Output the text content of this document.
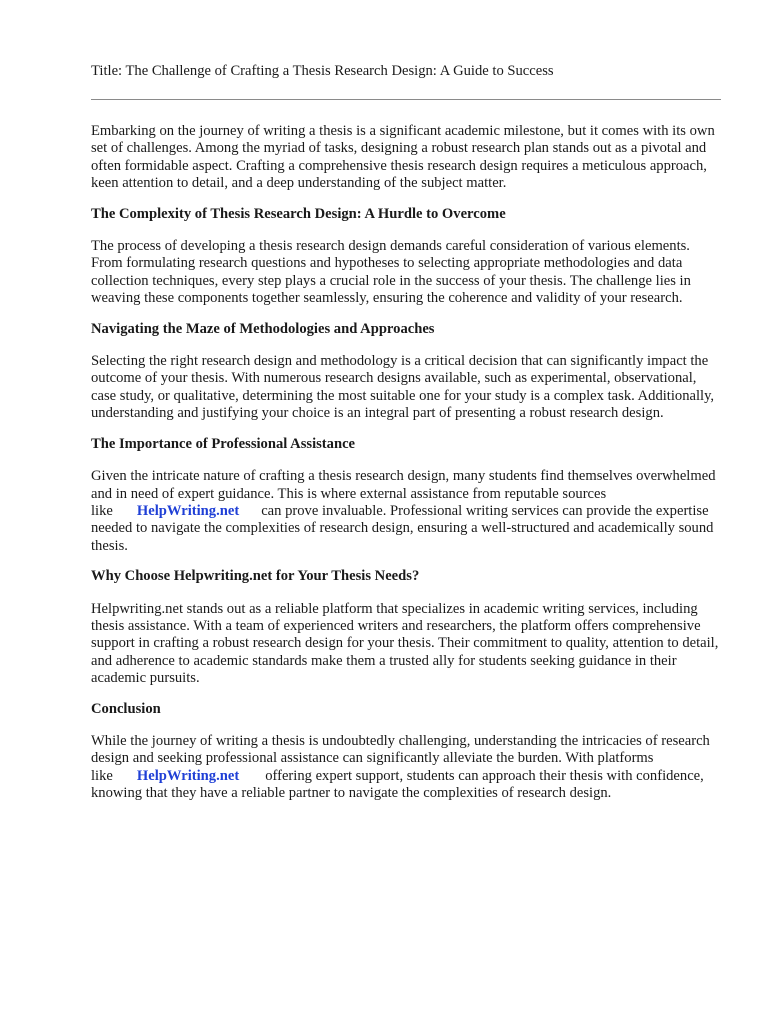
Title: The Challenge of Crafting a Thesis Research Design: A Guide to Success

Embarking on the journey of writing a thesis is a significant academic milestone, but it comes with its own set of challenges. Among the myriad of tasks, designing a robust research plan stands out as a pivotal and often formidable aspect. Crafting a comprehensive thesis research design requires a meticulous approach, keen attention to detail, and a deep understanding of the subject matter.

The Complexity of Thesis Research Design: A Hurdle to Overcome

The process of developing a thesis research design demands careful consideration of various elements. From formulating research questions and hypotheses to selecting appropriate methodologies and data collection techniques, every step plays a crucial role in the success of your thesis. The challenge lies in weaving these components together seamlessly, ensuring the coherence and validity of your research.

Navigating the Maze of Methodologies and Approaches

Selecting the right research design and methodology is a critical decision that can significantly impact the outcome of your thesis. With numerous research designs available, such as experimental, observational, case study, or qualitative, determining the most suitable one for your study is a complex task. Additionally, understanding and justifying your choice is an integral part of presenting a robust research design.

The Importance of Professional Assistance

Given the intricate nature of crafting a thesis research design, many students find themselves overwhelmed and in need of expert guidance. This is where external assistance from reputable sources like HelpWriting.net can prove invaluable. Professional writing services can provide the expertise needed to navigate the complexities of research design, ensuring a well-structured and academically sound thesis.

Why Choose Helpwriting.net for Your Thesis Needs?

Helpwriting.net stands out as a reliable platform that specializes in academic writing services, including thesis assistance. With a team of experienced writers and researchers, the platform offers comprehensive support in crafting a robust research design for your thesis. Their commitment to quality, attention to detail, and adherence to academic standards make them a trusted ally for students seeking guidance in their academic pursuits.

Conclusion

While the journey of writing a thesis is undoubtedly challenging, understanding the intricacies of research design and seeking professional assistance can significantly alleviate the burden. With platforms like HelpWriting.net offering expert support, students can approach their thesis with confidence, knowing that they have a reliable partner to navigate the complexities of research design.
